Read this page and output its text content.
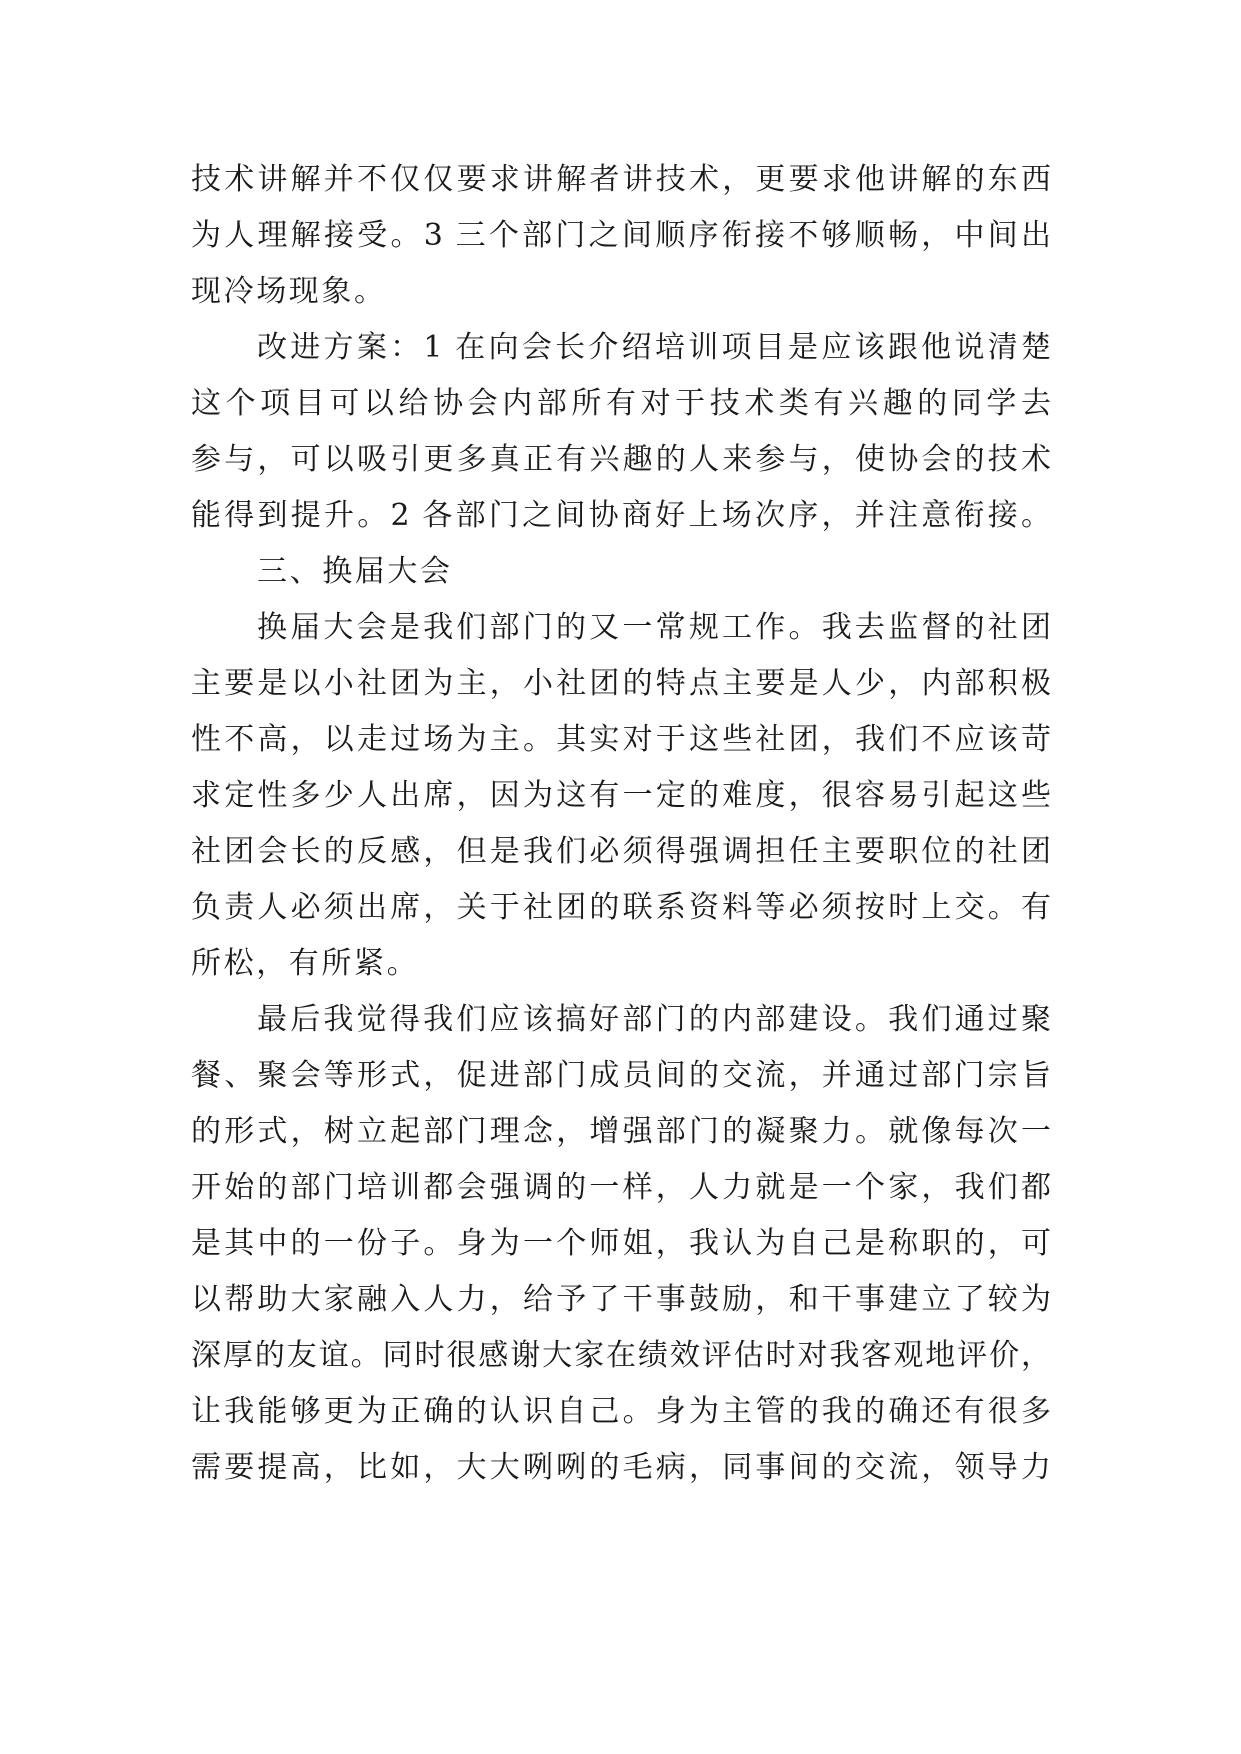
技术讲解并不仅仅要求讲解者讲技术，更要求他讲解的东西
为人理解接受。3 三个部门之间顺序衔接不够顺畅，中间出
现冷场现象。
改进方案：1 在向会长介绍培训项目是应该跟他说清楚
这个项目可以给协会内部所有对于技术类有兴趣的同学去
参与，可以吸引更多真正有兴趣的人来参与，使协会的技术
能得到提升。2 各部门之间协商好上场次序，并注意衔接。
三、换届大会
换届大会是我们部门的又一常规工作。我去监督的社团
主要是以小社团为主，小社团的特点主要是人少，内部积极
性不高，以走过场为主。其实对于这些社团，我们不应该苛
求定性多少人出席，因为这有一定的难度，很容易引起这些
社团会长的反感，但是我们必须得强调担任主要职位的社团
负责人必须出席，关于社团的联系资料等必须按时上交。有
所松，有所紧。
最后我觉得我们应该搞好部门的内部建设。我们通过聚
餐、聚会等形式，促进部门成员间的交流，并通过部门宗旨
的形式，树立起部门理念，增强部门的凝聚力。就像每次一
开始的部门培训都会强调的一样，人力就是一个家，我们都
是其中的一份子。身为一个师姐，我认为自己是称职的，可
以帮助大家融入人力，给予了干事鼓励，和干事建立了较为
深厚的友谊。同时很感谢大家在绩效评估时对我客观地评价，
让我能够更为正确的认识自己。身为主管的我的确还有很多
需要提高，比如，大大咧咧的毛病，同事间的交流，领导力
